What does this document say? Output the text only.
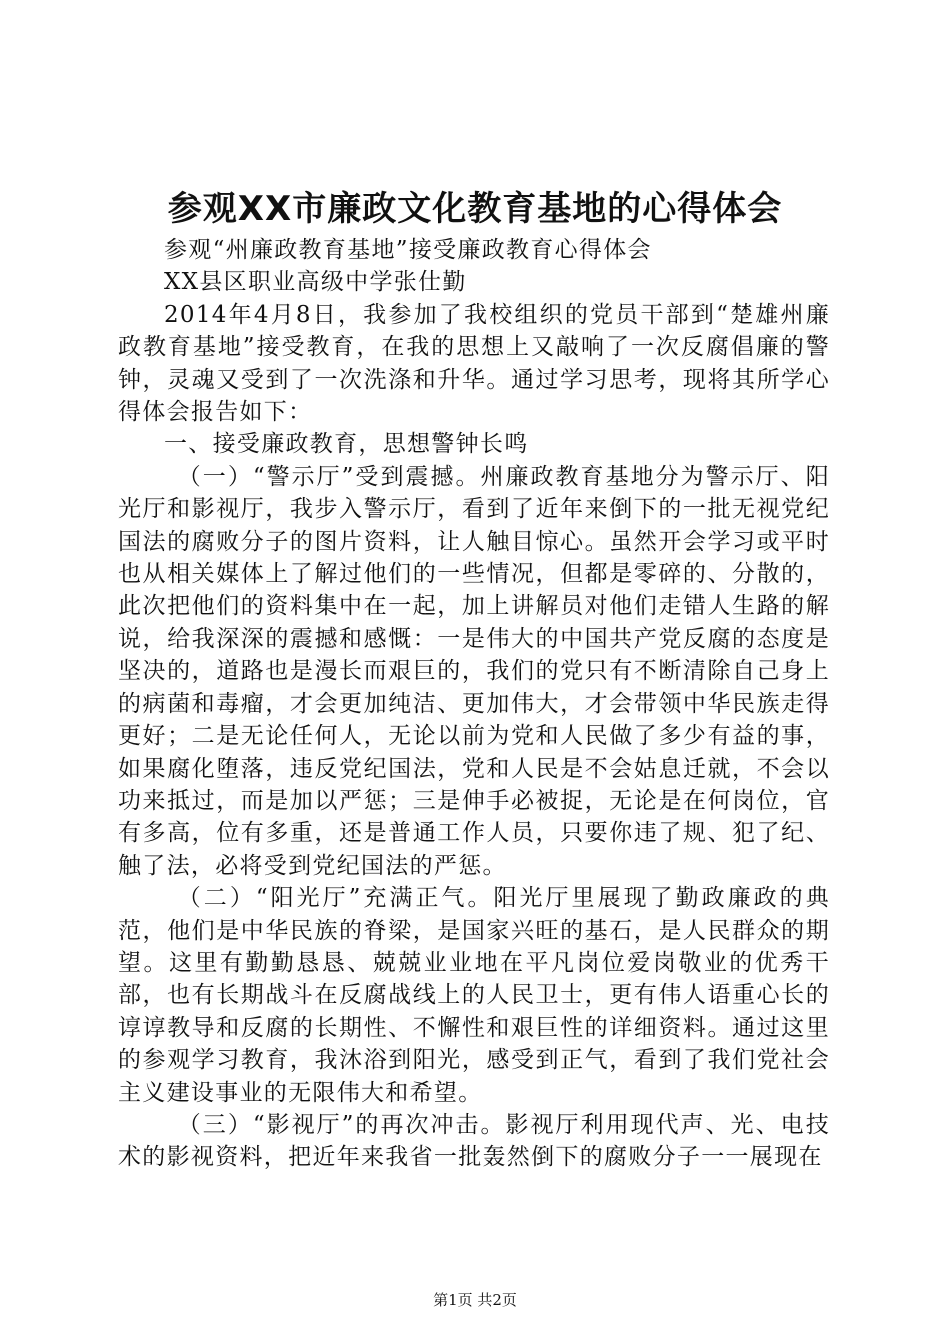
参观XX市廉政文化教育基地的心得体会

参观“州廉政教育基地”接受廉政教育心得体会

XX县区职业高级中学张仕勤

2014年4月8日，我参加了我校组织的党员干部到“楚雄州廉政教育基地”接受教育，在我的思想上又敲响了一次反腐倡廉的警钟，灵魂又受到了一次洗涤和升华。通过学习思考，现将其所学心得体会报告如下：

一、接受廉政教育，思想警钟长鸣

（一）“警示厅”受到震撼。州廉政教育基地分为警示厅、阳光厅和影视厅，我步入警示厅，看到了近年来倒下的一批无视党纪国法的腐败分子的图片资料，让人触目惊心。虽然开会学习或平时也从相关媒体上了解过他们的一些情况，但都是零碎的、分散的，此次把他们的资料集中在一起，加上讲解员对他们走错人生路的解说，给我深深的震撼和感慨：一是伟大的中国共产党反腐的态度是坚决的，道路也是漫长而艰巨的，我们的党只有不断清除自己身上的病菌和毒瘤，才会更加纯洁、更加伟大，才会带领中华民族走得更好；二是无论任何人，无论以前为党和人民做了多少有益的事，如果腐化堕落，违反党纪国法，党和人民是不会姑息迁就，不会以功来抵过，而是加以严惩；三是伸手必被捉，无论是在何岗位，官有多高，位有多重，还是普通工作人员，只要你违了规、犯了纪、触了法，必将受到党纪国法的严惩。

（二）“阳光厅”充满正气。阳光厅里展现了勤政廉政的典范，他们是中华民族的脊梁，是国家兴旺的基石，是人民群众的期望。这里有勤勤恳恳、兢兢业业地在平凡岗位爱岗敬业的优秀干部，也有长期战斗在反腐战线上的人民卫士，更有伟人语重心长的谆谆教导和反腐的长期性、不懈性和艰巨性的详细资料。通过这里的参观学习教育，我沐浴到阳光，感受到正气，看到了我们党社会主义建设事业的无限伟大和希望。

（三）“影视厅”的再次冲击。影视厅利用现代声、光、电技术的影视资料，把近年来我省一批轰然倒下的腐败分子一一展现在

第1页 共2页
